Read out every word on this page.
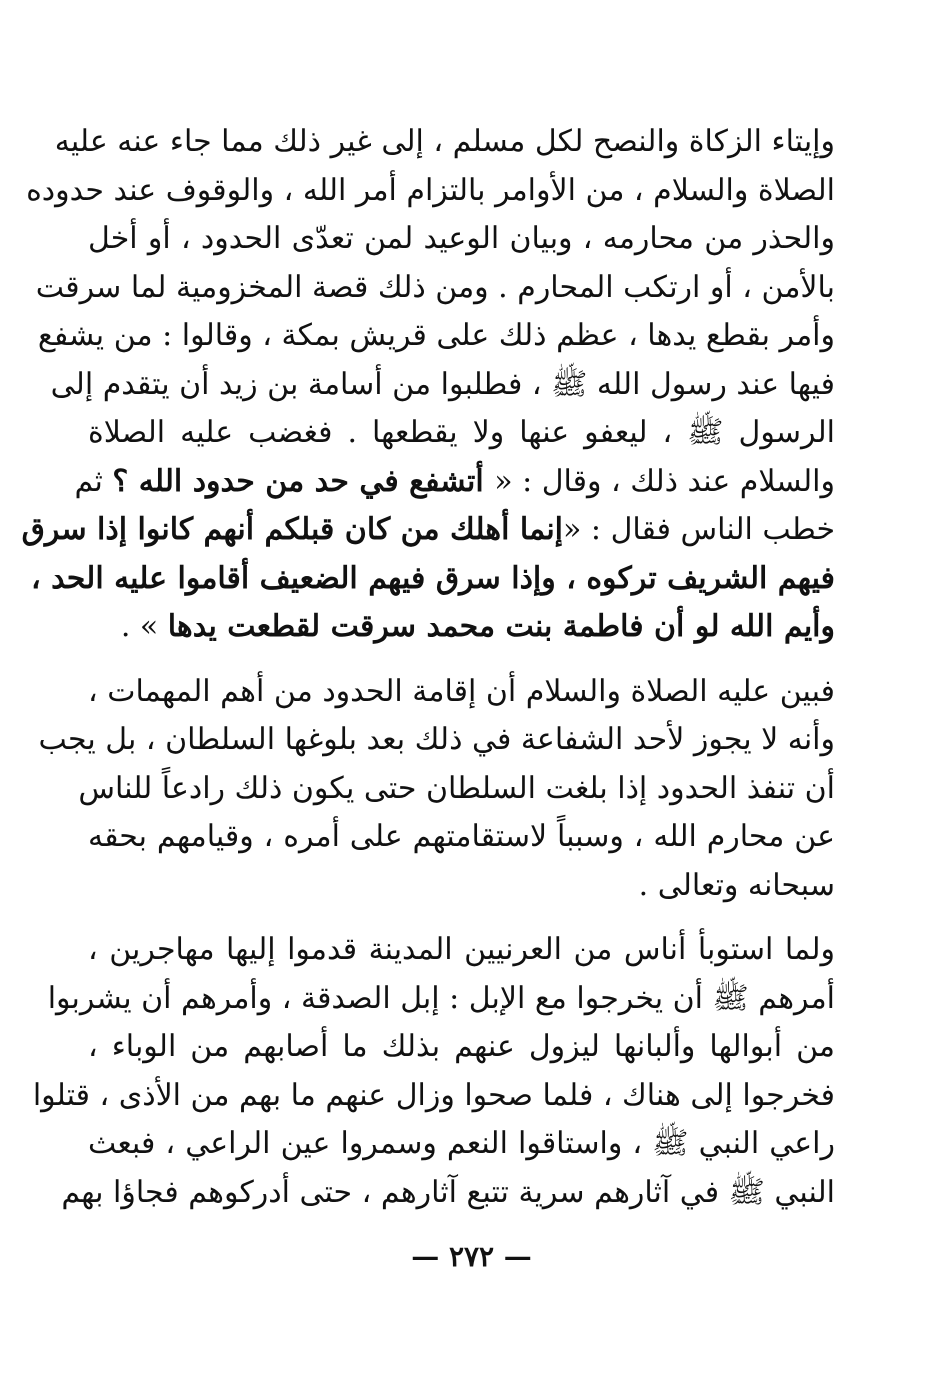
وإيتاء الزكاة والنصح لكل مسلم ، إلى غير ذلك مما جاء عنه عليه
الصلاة والسلام ، من الأوامر بالتزام أمر الله ، والوقوف عند حدوده
والحذر من محارمه ، وبيان الوعيد لمن تعدّى الحدود ، أو أخل
بالأمن ، أو ارتكب المحارم . ومن ذلك قصة المخزومية لما سرقت
وأمر بقطع يدها ، عظم ذلك على قريش بمكة ، وقالوا : من يشفع
فيها عند رسول الله ﷺ ، فطلبوا من أسامة بن زيد أن يتقدم إلى
الرسول ﷺ ، ليعفو عنها ولا يقطعها . فغضب عليه الصلاة
والسلام عند ذلك ، وقال : « أتشفع في حد من حدود الله ؟ ثم
خطب الناس فقال : «إنما أهلك من كان قبلكم أنهم كانوا إذا سرق
فيهم الشريف تركوه ، وإذا سرق فيهم الضعيف أقاموا عليه الحد ،
وأيم الله لو أن فاطمة بنت محمد سرقت لقطعت يدها » .
فبين عليه الصلاة والسلام أن إقامة الحدود من أهم المهمات ،
وأنه لا يجوز لأحد الشفاعة في ذلك بعد بلوغها السلطان ، بل يجب
أن تنفذ الحدود إذا بلغت السلطان حتى يكون ذلك رادعاً للناس
عن محارم الله ، وسبباً لاستقامتهم على أمره ، وقيامهم بحقه
سبحانه وتعالى .
ولما استوبأ أناس من العرنيين المدينة قدموا إليها مهاجرين ،
أمرهم ﷺ أن يخرجوا مع الإبل : إبل الصدقة ، وأمرهم أن يشربوا
من أبوالها وألبانها ليزول عنهم بذلك ما أصابهم من الوباء ،
فخرجوا إلى هناك ، فلما صحوا وزال عنهم ما بهم من الأذى ، قتلوا
راعي النبي ﷺ ، واستاقوا النعم وسمروا عين الراعي ، فبعث
النبي ﷺ في آثارهم سرية تتبع آثارهم ، حتى أدركوهم فجاؤا بهم
— ٢٧٢ —
